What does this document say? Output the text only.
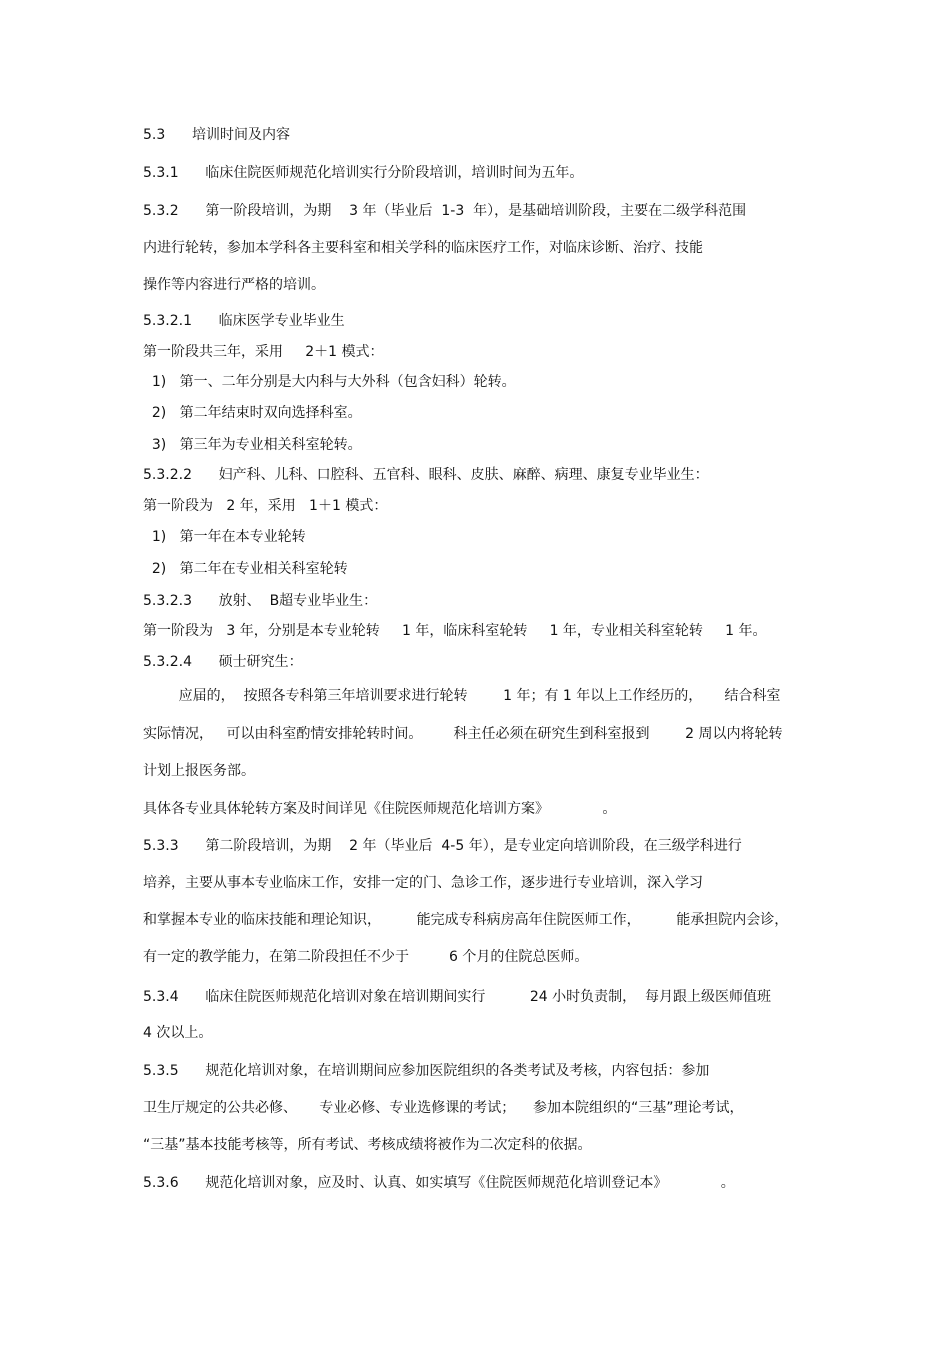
5.3      培训时间及内容
5.3.1      临床住院医师规范化培训实行分阶段培训，培训时间为五年。
5.3.2      第一阶段培训，为期    3 年（毕业后  1-3  年），是基础培训阶段，主要在二级学科范围
内进行轮转，参加本学科各主要科室和相关学科的临床医疗工作，对临床诊断、治疗、技能
操作等内容进行严格的培训。
5.3.2.1      临床医学专业毕业生
第一阶段共三年，采用     2＋1 模式：
1)   第一、二年分别是大内科与大外科（包含妇科）轮转。
2)   第二年结束时双向选择科室。
3)   第三年为专业相关科室轮转。
5.3.2.2      妇产科、儿科、口腔科、五官科、眼科、皮肤、麻醉、病理、康复专业毕业生：
第一阶段为   2 年，采用   1＋1 模式：
1)   第一年在本专业轮转
2)   第二年在专业相关科室轮转
5.3.2.3      放射、  B超专业毕业生：
第一阶段为   3 年，分别是本专业轮转     1 年，临床科室轮转     1 年，专业相关科室轮转     1 年。
5.3.2.4      硕士研究生：
应届的，  按照各专科第三年培训要求进行轮转        1 年；有 1 年以上工作经历的，     结合科室
实际情况，   可以由科室酌情安排轮转时间。       科主任必须在研究生到科室报到        2 周以内将轮转
计划上报医务部。
具体各专业具体轮转方案及时间详见《住院医师规范化培训方案》            。
5.3.3      第二阶段培训，为期    2 年（毕业后  4-5 年），是专业定向培训阶段，在三级学科进行
培养，主要从事本专业临床工作，安排一定的门、急诊工作，逐步进行专业培训，深入学习
和掌握本专业的临床技能和理论知识，        能完成专科病房高年住院医师工作，        能承担院内会诊，
有一定的教学能力，在第二阶段担任不少于         6 个月的住院总医师。
5.3.4      临床住院医师规范化培训对象在培训期间实行          24 小时负责制，  每月跟上级医师值班
4 次以上。
5.3.5      规范化培训对象，在培训期间应参加医院组织的各类考试及考核，内容包括：参加
卫生厅规定的公共必修、     专业必修、专业选修课的考试；    参加本院组织的“三基”理论考试，
“三基”基本技能考核等，所有考试、考核成绩将被作为二次定科的依据。
5.3.6      规范化培训对象，应及时、认真、如实填写《住院医师规范化培训登记本》            。
